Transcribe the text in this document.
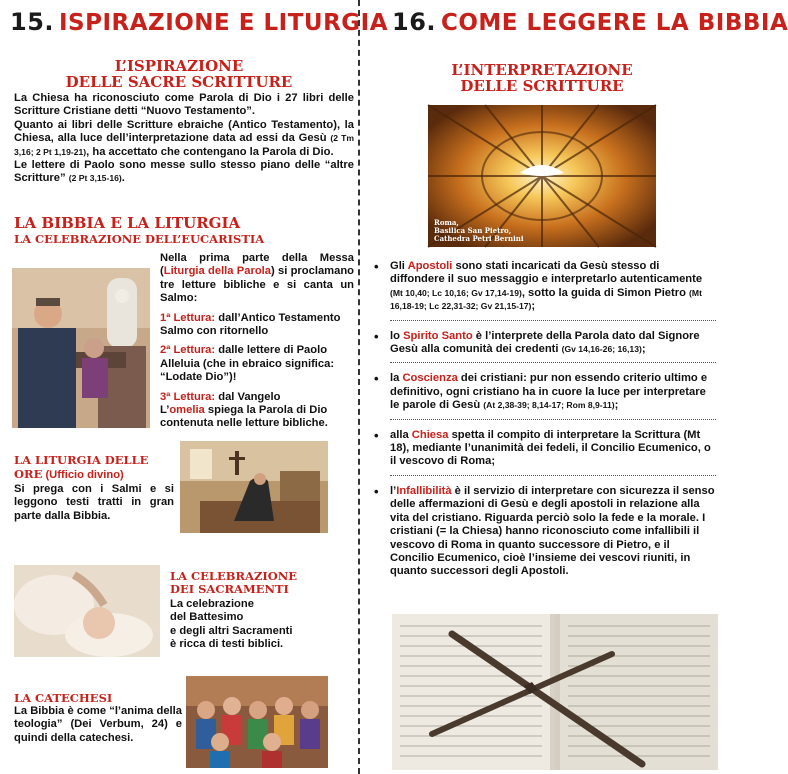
15. ISPIRAZIONE E LITURGIA
L’ISPIRAZIONE
DELLE SACRE SCRITTURE
La Chiesa ha riconosciuto come Parola di Dio i 27 libri delle Scritture Cristiane detti “Nuovo Testamento”.
Quanto ai libri delle Scritture ebraiche (Antico Testamento), la Chiesa, alla luce dell’interpretazione data ad essi da Gesù (2 Tm 3,16; 2 Pt 1,19-21), ha accettato che contengano la Parola di Dio.
Le lettere di Paolo sono messe sullo stesso piano delle “altre Scritture” (2 Pt 3,15-16).
LA BIBBIA E LA LITURGIA
LA CELEBRAZIONE DELL’EUCARISTIA
Nella prima parte della Messa (Liturgia della Parola) si proclamano tre letture bibliche e si canta un Salmo:
1ª Lettura: dall’Antico Testamento
Salmo con ritornello
2ª Lettura: dalle lettere di Paolo
Alleluia (che in ebraico significa: “Lodate Dio”)!
3ª Lettura: dal Vangelo
L’omelia spiega la Parola di Dio contenuta nelle letture bibliche.
LA LITURGIA DELLE ORE (Ufficio divino)
Si prega con i Salmi e si leggono testi tratti in gran parte dalla Bibbia.
LA CELEBRAZIONE
DEI SACRAMENTI
La celebrazione
del Battesimo
e degli altri Sacramenti
è ricca di testi biblici.
LA CATECHESI
La Bibbia è come “l’anima della teologia” (Dei Verbum, 24) e quindi della catechesi.
16. COME LEGGERE LA BIBBIA
L’INTERPRETAZIONE
DELLE SCRITTURE
Roma,
Basilica San Pietro,
Cathedra Petri Bernini
• Gli Apostoli sono stati incaricati da Gesù stesso di diffondere il suo messaggio e interpretarlo autenticamente (Mt 10,40; Lc 10,16; Gv 17,14-19), sotto la guida di Simon Pietro (Mt 16,18-19; Lc 22,31-32; Gv 21,15-17);
• lo Spirito Santo è l’interprete della Parola dato dal Signore Gesù alla comunità dei credenti (Gv 14,16-26; 16,13);
• la Coscienza dei cristiani: pur non essendo criterio ultimo e definitivo, ogni cristiano ha in cuore la luce per interpretare le parole di Gesù (At 2,38-39; 8,14-17; Rom 8,9-11);
• alla Chiesa spetta il compito di interpretare la Scrittura (Mt 18), mediante l’unanimità dei fedeli, il Concilio Ecumenico, o il vescovo di Roma;
• l’Infallibilità è il servizio di interpretare con sicurezza il senso delle affermazioni di Gesù e degli apostoli in relazione alla vita del cristiano. Riguarda perciò solo la fede e la morale. I cristiani (= la Chiesa) hanno riconosciuto come infallibili il vescovo di Roma in quanto successore di Pietro, e il Concilio Ecumenico, cioè l’insieme dei vescovi riuniti, in quanto successori degli Apostoli.
